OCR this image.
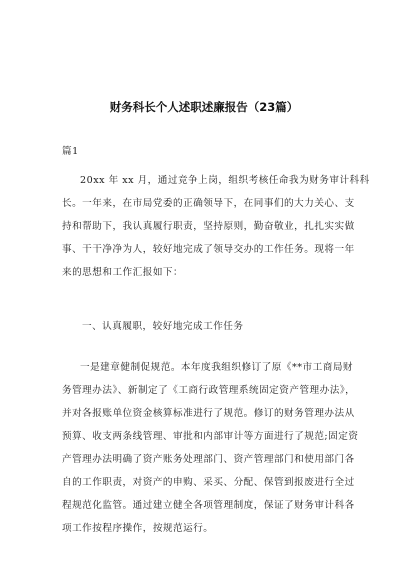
财务科长个人述职述廉报告（23篇）
篇1
20xx 年 xx 月，通过竞争上岗，组织考核任命我为财务审计科科
长。一年来，在市局党委的正确领导下，在同事们的大力关心、支
持和帮助下，我认真履行职责，坚持原则，勤奋敬业，扎扎实实做
事、干干净净为人，较好地完成了领导交办的工作任务。现将一年
来的思想和工作汇报如下：
一、认真履职，较好地完成工作任务
一是建章健制促规范。本年度我组织修订了原《**市工商局财
务管理办法》、新制定了《工商行政管理系统固定资产管理办法》，
并对各报账单位资金核算标准进行了规范。修订的财务管理办法从
预算、收支两条线管理、审批和内部审计等方面进行了规范;固定资
产管理办法明确了资产账务处理部门、资产管理部门和使用部门各
自的工作职责，对资产的申购、采买、分配、保管到报废进行全过
程规范化监管。通过建立健全各项管理制度，保证了财务审计科各
项工作按程序操作，按规范运行。
